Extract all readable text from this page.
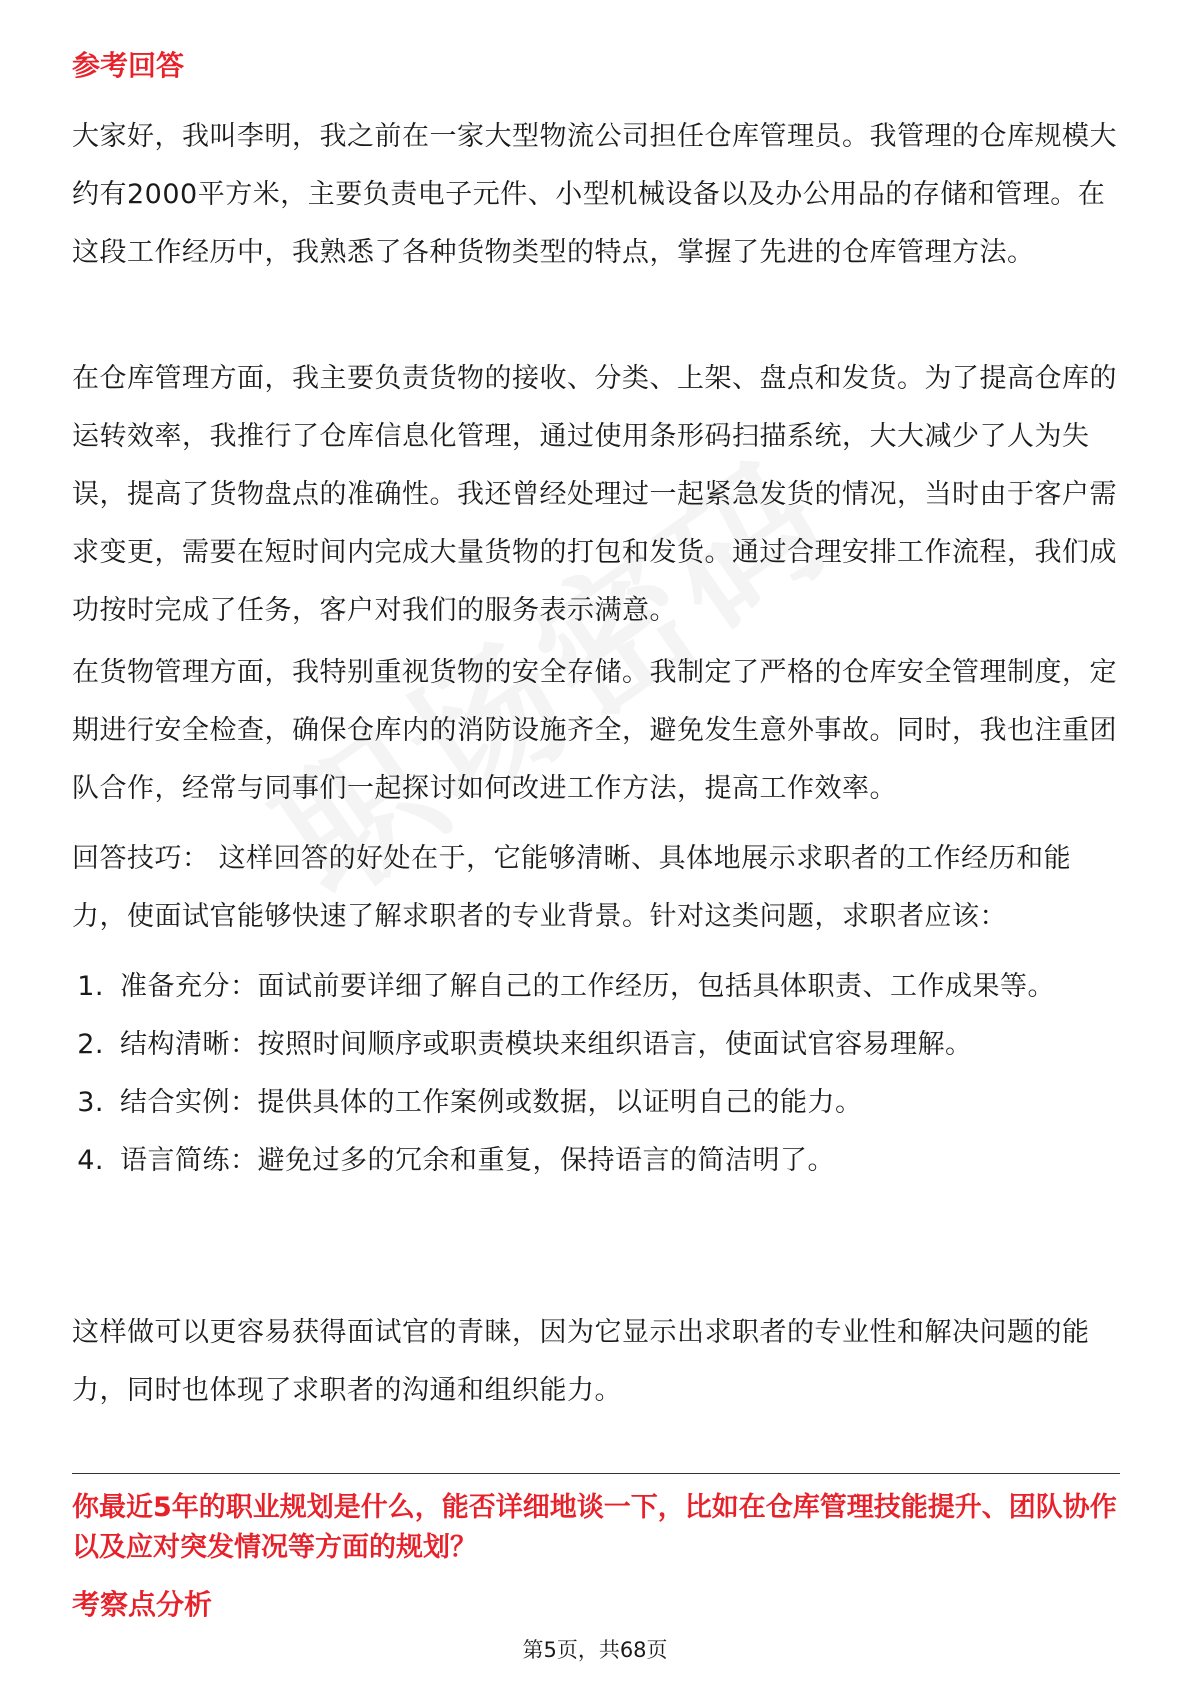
参考回答
大家好，我叫李明，我之前在一家大型物流公司担任仓库管理员。我管理的仓库规模大约有2000平方米，主要负责电子元件、小型机械设备以及办公用品的存储和管理。在这段工作经历中，我熟悉了各种货物类型的特点，掌握了先进的仓库管理方法。
在仓库管理方面，我主要负责货物的接收、分类、上架、盘点和发货。为了提高仓库的运转效率，我推行了仓库信息化管理，通过使用条形码扫描系统，大大减少了人为失误，提高了货物盘点的准确性。我还曾经处理过一起紧急发货的情况，当时由于客户需求变更，需要在短时间内完成大量货物的打包和发货。通过合理安排工作流程，我们成功按时完成了任务，客户对我们的服务表示满意。
在货物管理方面，我特别重视货物的安全存储。我制定了严格的仓库安全管理制度，定期进行安全检查，确保仓库内的消防设施齐全，避免发生意外事故。同时，我也注重团队合作，经常与同事们一起探讨如何改进工作方法，提高工作效率。
回答技巧： 这样回答的好处在于，它能够清晰、具体地展示求职者的工作经历和能力，使面试官能够快速了解求职者的专业背景。针对这类问题，求职者应该：
1. 准备充分：面试前要详细了解自己的工作经历，包括具体职责、工作成果等。
2. 结构清晰：按照时间顺序或职责模块来组织语言，使面试官容易理解。
3. 结合实例：提供具体的工作案例或数据，以证明自己的能力。
4. 语言简练：避免过多的冗余和重复，保持语言的简洁明了。
这样做可以更容易获得面试官的青睐，因为它显示出求职者的专业性和解决问题的能力，同时也体现了求职者的沟通和组织能力。
你最近5年的职业规划是什么，能否详细地谈一下，比如在仓库管理技能提升、团队协作以及应对突发情况等方面的规划？
考察点分析
第5页，共68页
